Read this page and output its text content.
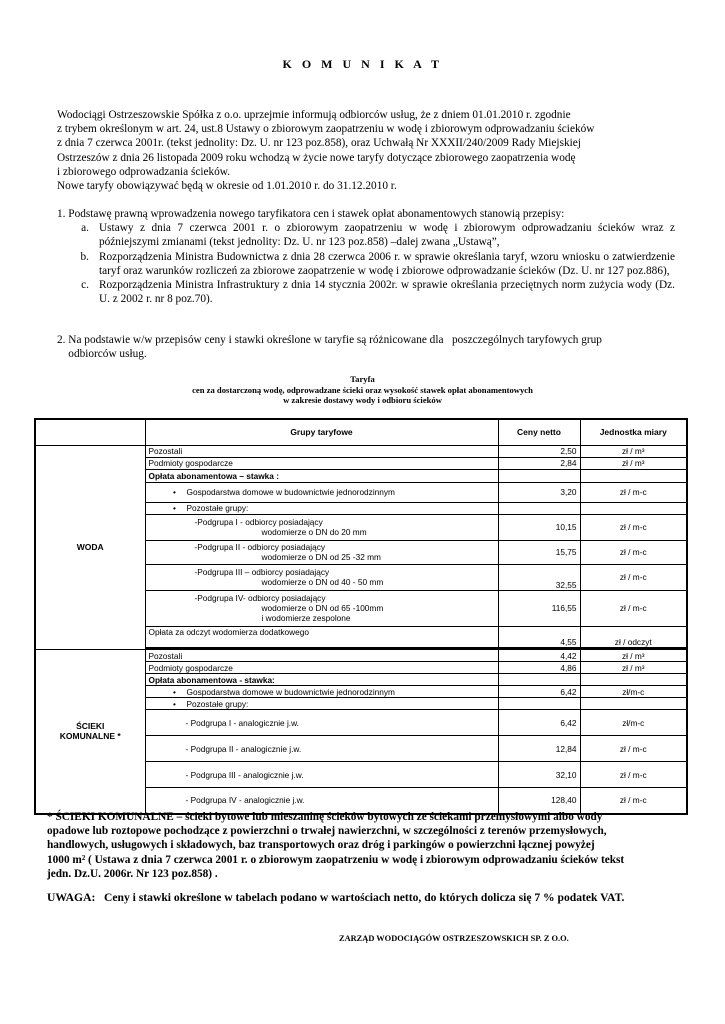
K O M U N I K A T
Wodociągi Ostrzeszowskie Spółka z o.o. uprzejmie informują odbiorców usług, że z dniem 01.01.2010 r. zgodnie
z trybem określonym w art. 24, ust.8 Ustawy o zbiorowym zaopatrzeniu w wodę i zbiorowym odprowadzaniu ścieków
z dnia 7 czerwca 2001r. (tekst jednolity: Dz. U. nr 123 poz.858), oraz Uchwałą Nr XXXII/240/2009 Rady Miejskiej
Ostrzeszów z dnia 26 listopada 2009 roku wchodzą w życie nowe taryfy dotyczące zbiorowego zaopatrzenia wodę
i zbiorowego odprowadzania ścieków.
Nowe taryfy obowiązywać będą w okresie od 1.01.2010 r. do 31.12.2010 r.
1. Podstawę prawną wprowadzenia nowego taryfikatora cen i stawek opłat abonamentowych stanowią przepisy:
a. Ustawy z dnia 7 czerwca 2001 r. o zbiorowym zaopatrzeniu w wodę i zbiorowym odprowadzaniu ścieków wraz z późniejszymi zmianami (tekst jednolity: Dz. U. nr 123 poz.858) –dalej zwana „Ustawą”,
b. Rozporządzenia Ministra Budownictwa z dnia 28 czerwca 2006 r. w sprawie określania taryf, wzoru wniosku o zatwierdzenie taryf oraz warunków rozliczeń za zbiorowe zaopatrzenie w wodę i zbiorowe odprowadzanie ścieków (Dz. U. nr 127 poz.886),
c. Rozporządzenia Ministra Infrastruktury z dnia 14 stycznia 2002r. w sprawie określania przeciętnych norm zużycia wody (Dz. U. z 2002 r. nr 8 poz.70).
2. Na podstawie w/w przepisów ceny i stawki określone w taryfie są różnicowane dla   poszczególnych taryfowych grup
odbiorców usług.
Taryfa
cen za dostarczoną wodę, odprowadzane ścieki oraz wysokość stawek opłat abonamentowych
w zakresie dostawy wody i odbioru ścieków
	Grupy taryfowe	Ceny netto	Jednostka miary
WODA	Pozostali	2,50	zł / m³
	Podmioty gospodarcze	2,84	zł / m³
	Opłata abonamentowa – stawka :		
	• Gospodarstwa domowe w budownictwie jednorodzinnym	3,20	zł / m-c
	• Pozostałe grupy:		

	-Podgrupa I - odbiorcy posiadający
wodomierze o DN do 20 mm	10,15	zł / m-c

	-Podgrupa II - odbiorcy posiadający
wodomierze o DN od 25 -32 mm	15,75	zł / m-c

	-Podgrupa III – odbiorcy posiadający
wodomierze o DN od 40 - 50 mm	32,55	zł / m-c

	-Podgrupa IV- odbiorcy posiadający
wodomierze o DN od 65 -100mm
i wodomierze zespolone	116,55	zł / m-c
	Opłata za odczyt wodomierza dodatkowego	4,55	zł / odczyt

ŚCIEKI
KOMUNALNE *	Pozostali	4,42	zł / m³
	Podmioty gospodarcze	4,86	zł / m³
	Opłata abonamentowa - stawka:		
	• Gospodarstwa domowe w budownictwie jednorodzinnym	6,42	zł/m-c
	• Pozostałe grupy:		
	- Podgrupa I - analogicznie j.w.	6,42	zł/m-c
	- Podgrupa II - analogicznie j.w.	12,84	zł / m-c
	- Podgrupa III - analogicznie j.w.	32,10	zł / m-c
	- Podgrupa IV - analogicznie j.w.	128,40	zł / m-c
* ŚCIEKI KOMUNALNE – ścieki bytowe lub mieszaninę ścieków bytowych ze ściekami przemysłowymi albo wody
opadowe lub roztopowe pochodzące z powierzchni o trwałej nawierzchni, w szczególności z terenów przemysłowych,
handlowych, usługowych i składowych, baz transportowych oraz dróg i parkingów o powierzchni łącznej powyżej
1000 m² ( Ustawa z dnia 7 czerwca 2001 r. o zbiorowym zaopatrzeniu w wodę i zbiorowym odprowadzaniu ścieków tekst
jedn. Dz.U. 2006r. Nr 123 poz.858) .
UWAGA:   Ceny i stawki określone w tabelach podano w wartościach netto, do których dolicza się 7 % podatek VAT.
ZARZĄD WODOCIĄGÓW OSTRZESZOWSKICH SP. Z O.O.
